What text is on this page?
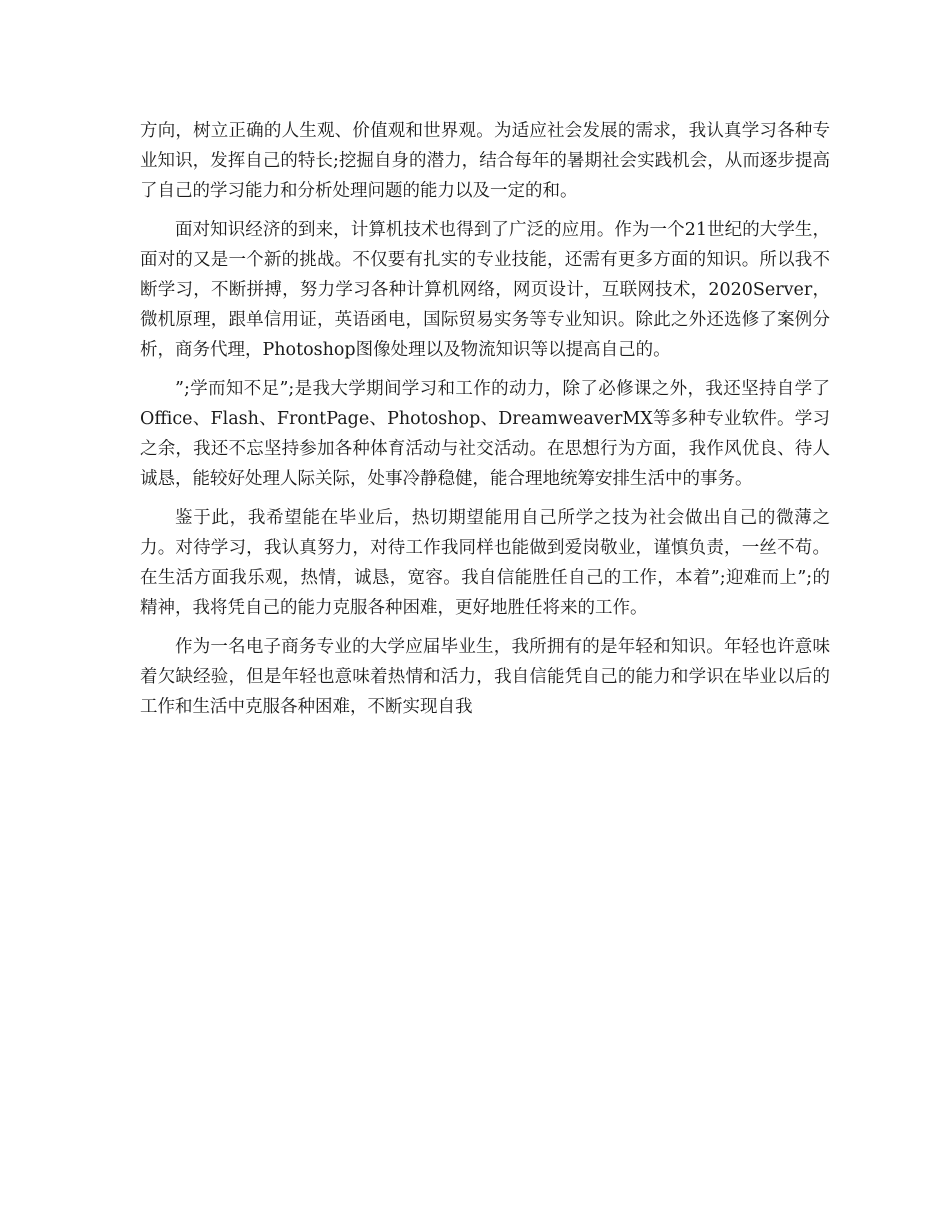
方向，树立正确的人生观、价值观和世界观。为适应社会发展的需求，我认真学习各种专业知识，发挥自己的特长;挖掘自身的潜力，结合每年的暑期社会实践机会，从而逐步提高了自己的学习能力和分析处理问题的能力以及一定的和。

面对知识经济的到来，计算机技术也得到了广泛的应用。作为一个21世纪的大学生，面对的又是一个新的挑战。不仅要有扎实的专业技能，还需有更多方面的知识。所以我不断学习，不断拼搏，努力学习各种计算机网络，网页设计，互联网技术，2020Server，微机原理，跟单信用证，英语函电，国际贸易实务等专业知识。除此之外还选修了案例分析，商务代理，Photoshop图像处理以及物流知识等以提高自己的。

”;学而知不足”;是我大学期间学习和工作的动力，除了必修课之外，我还坚持自学了Office、Flash、FrontPage、Photoshop、DreamweaverMX等多种专业软件。学习之余，我还不忘坚持参加各种体育活动与社交活动。在思想行为方面，我作风优良、待人诚恳，能较好处理人际关际，处事冷静稳健，能合理地统筹安排生活中的事务。

鉴于此，我希望能在毕业后，热切期望能用自己所学之技为社会做出自己的微薄之力。对待学习，我认真努力，对待工作我同样也能做到爱岗敬业，谨慎负责，一丝不苟。在生活方面我乐观，热情，诚恳，宽容。我自信能胜任自己的工作，本着”;迎难而上”;的精神，我将凭自己的能力克服各种困难，更好地胜任将来的工作。

作为一名电子商务专业的大学应届毕业生，我所拥有的是年轻和知识。年轻也许意味着欠缺经验，但是年轻也意味着热情和活力，我自信能凭自己的能力和学识在毕业以后的工作和生活中克服各种困难，不断实现自我
